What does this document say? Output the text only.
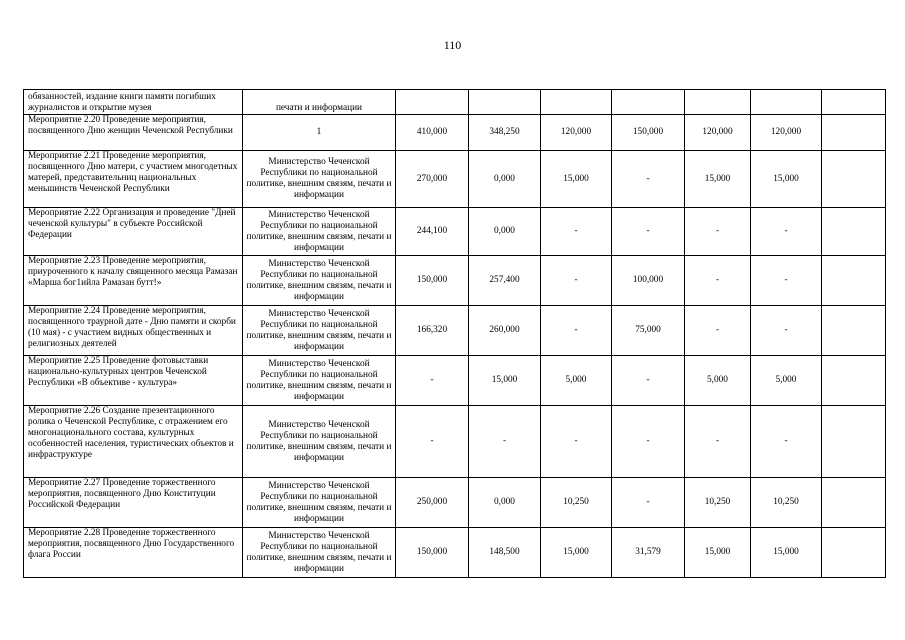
110
обязанностей, издание книги памяти погибших журналистов и открытие музея	печати и информации							
Мероприятие 2.20 Проведение мероприятия, посвященного Дню женщин Чеченской Республики	1	410,000	348,250	120,000	150,000	120,000	120,000	
Мероприятие 2.21 Проведение мероприятия, посвященного Дню матери, с участием многодетных матерей, представительниц национальных меньшинств Чеченской Республики	Министерство Чеченской Республики по национальной политике, внешним связям, печати и информации	270,000	0,000	15,000	-	15,000	15,000	
Мероприятие 2.22 Организация и проведение "Дней чеченской культуры" в субъекте Российской Федерации	Министерство Чеченской Республики по национальной политике, внешним связям, печати и информации	244,100	0,000	-	-	-	-	
Мероприятие 2.23 Проведение мероприятия, приуроченного к началу священного месяца Рамазан «Марша бог1ийла Рамазан бутт!»	Министерство Чеченской Республики по национальной политике, внешним связям, печати и информации	150,000	257,400	-	100,000	-	-	
Мероприятие 2.24 Проведение мероприятия, посвященного траурной дате - Дню памяти и скорби (10 мая) - с участием видных общественных и религиозных деятелей	Министерство Чеченской Республики по национальной политике, внешним связям, печати и информации	166,320	260,000	-	75,000	-	-	
Мероприятие 2.25 Проведение фотовыставки национально-культурных центров Чеченской Республики «В объективе - культура»	Министерство Чеченской Республики по национальной политике, внешним связям, печати и информации	-	15,000	5,000	-	5,000	5,000	
Мероприятие 2.26 Создание презентационного ролика о Чеченской Республике, с отражением его многонационального состава, культурных особенностей населения, туристических объектов и инфраструктуре	Министерство Чеченской Республики по национальной политике, внешним связям, печати и информации	-	-	-	-	-	-	
Мероприятие 2.27 Проведение торжественного мероприятия, посвященного Дню Конституции Российской Федерации	Министерство Чеченской Республики по национальной политике, внешним связям, печати и информации	250,000	0,000	10,250	-	10,250	10,250	
Мероприятие 2.28 Проведение торжественного мероприятия, посвященного Дню Государственного флага России	Министерство Чеченской Республики по национальной политике, внешним связям, печати и информации	150,000	148,500	15,000	31,579	15,000	15,000	
